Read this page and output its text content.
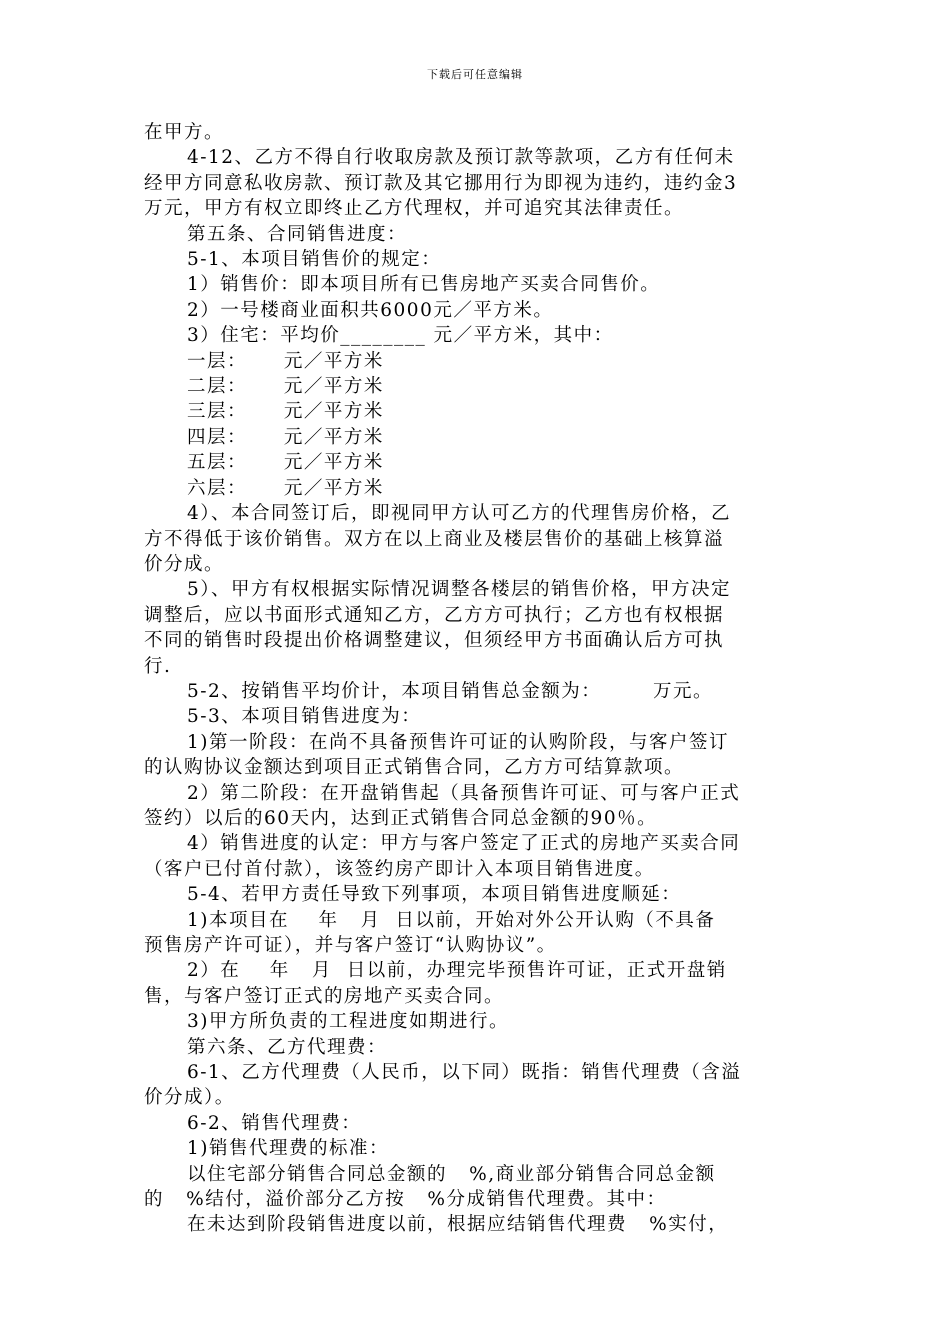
下载后可任意编辑
在甲方。
4-12、乙方不得自行收取房款及预订款等款项，乙方有任何未
经甲方同意私收房款、预订款及其它挪用行为即视为违约，违约金3
万元，甲方有权立即终止乙方代理权，并可追究其法律责任。
第五条、合同销售进度：
5-1、本项目销售价的规定：
1）销售价：即本项目所有已售房地产买卖合同售价。
2）一号楼商业面积共6000元／平方米。
3）住宅：平均价________ 元／平方米，其中：
一层：     元／平方米
二层：     元／平方米
三层：     元／平方米
四层：     元／平方米
五层：     元／平方米
六层：     元／平方米
4）、本合同签订后，即视同甲方认可乙方的代理售房价格，乙
方不得低于该价销售。双方在以上商业及楼层售价的基础上核算溢
价分成。
5）、甲方有权根据实际情况调整各楼层的销售价格，甲方决定
调整后，应以书面形式通知乙方，乙方方可执行；乙方也有权根据
不同的销售时段提出价格调整建议，但须经甲方书面确认后方可执
行.
5-2、按销售平均价计，本项目销售总金额为：       万元。
5-3、本项目销售进度为：
1)第一阶段：在尚不具备预售许可证的认购阶段，与客户签订
的认购协议金额达到项目正式销售合同，乙方方可结算款项。
2）第二阶段：在开盘销售起（具备预售许可证、可与客户正式
签约）以后的60天内，达到正式销售合同总金额的90％。
4）销售进度的认定：甲方与客户签定了正式的房地产买卖合同
（客户已付首付款），该签约房产即计入本项目销售进度。
5-4、若甲方责任导致下列事项，本项目销售进度顺延：
1)本项目在    年   月  日以前，开始对外公开认购（不具备
预售房产许可证），并与客户签订“认购协议”。
2）在    年   月  日以前，办理完毕预售许可证，正式开盘销
售，与客户签订正式的房地产买卖合同。
3)甲方所负责的工程进度如期进行。
第六条、乙方代理费：
6-1、乙方代理费（人民币，以下同）既指：销售代理费（含溢
价分成）。
6-2、销售代理费：
1)销售代理费的标准：
以住宅部分销售合同总金额的   %,商业部分销售合同总金额
的   %结付，溢价部分乙方按   %分成销售代理费。其中：
在未达到阶段销售进度以前，根据应结销售代理费   %实付，
